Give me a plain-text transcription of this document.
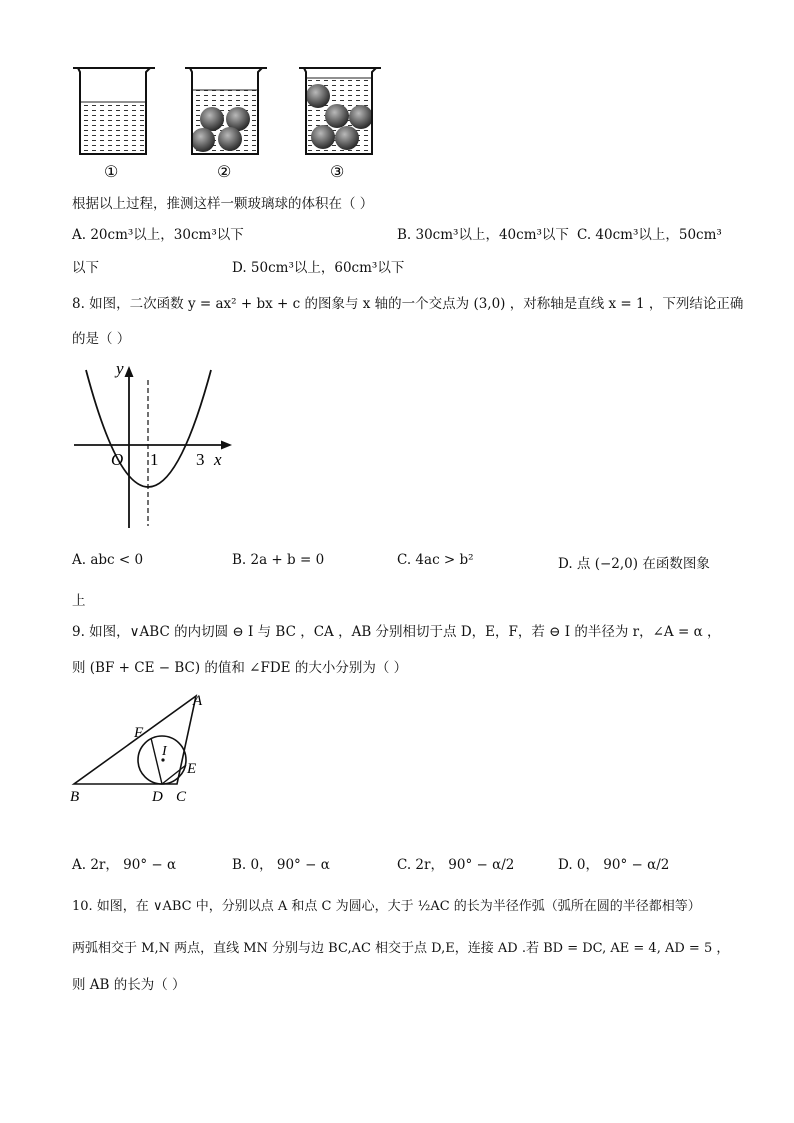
①	②	③
根据以上过程，推测这样一颗玻璃球的体积在（ ）
A. 20cm³以上，30cm³以下	B. 30cm³以上，40cm³以下 C. 40cm³以上，50cm³
以下	D. 50cm³以上，60cm³以下
8. 如图，二次函数 y = ax² + bx + c 的图象与 x 轴的一个交点为 (3,0) ，对称轴是直线 x = 1 ，下列结论正确
的是（ ）
y
x
O 1 3
A. abc < 0	B. 2a + b = 0	C. 4ac > b²	D. 点 (−2,0) 在函数图象
上
9. 如图，∨ABC 的内切圆 ⊖ I 与 BC ，CA ，AB 分别相切于点 D，E，F，若 ⊖ I 的半径为 r，∠A = α ，
则 (BF + CE − BC) 的值和 ∠FDE 的大小分别为（ ）
A
B	C
D
E
F
I
A. 2r， 90° − α	B. 0， 90° − α	C. 2r， 90° − α/2	D. 0， 90° − α/2
10. 如图，在 ∨ABC 中，分别以点 A 和点 C 为圆心，大于 ½AC 的长为半径作弧（弧所在圆的半径都相等）
两弧相交于 M,N 两点，直线 MN 分别与边 BC,AC 相交于点 D,E，连接 AD .若 BD = DC, AE = 4, AD = 5 ，
则 AB 的长为（ ）
